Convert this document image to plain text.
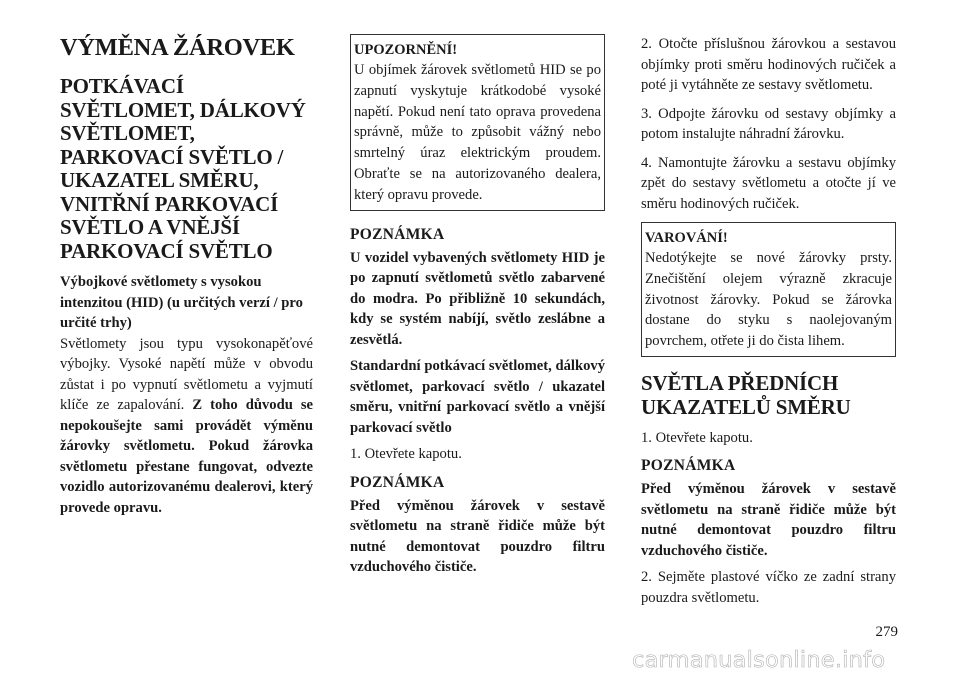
VÝMĚNA ŽÁROVEK
POTKÁVACÍ SVĚTLOMET, DÁLKOVÝ SVĚTLOMET, PARKOVACÍ SVĚTLO / UKAZATEL SMĚRU, VNITŘNÍ PARKOVACÍ SVĚTLO A VNĚJŠÍ PARKOVACÍ SVĚTLO
Výbojkové světlomety s vysokou intenzitou (HID) (u určitých verzí / pro určité trhy)

Světlomety jsou typu vysokonapěťové výbojky. Vysoké napětí může v obvodu zůstat i po vypnutí světlometu a vyjmutí klíče ze zapalování. Z toho důvodu se nepokoušejte sami provádět výměnu žárovky světlometu. Pokud žárovka světlometu přestane fungovat, odvezte vozidlo autorizovanému dealerovi, který provede opravu.

UPOZORNĚNÍ!
U objímek žárovek světlometů HID se po zapnutí vyskytuje krátkodobé vysoké napětí. Pokud není tato oprava provedena správně, může to způsobit vážný nebo smrtelný úraz elektrickým proudem. Obraťte se na autorizovaného dealera, který opravu provede.
POZNÁMKA
U vozidel vybavených světlomety HID je po zapnutí světlometů světlo zabarvené do modra. Po přibližně 10 sekundách, kdy se systém nabíjí, světlo zeslábne a zesvětlá.
Standardní potkávací světlomet, dálkový světlomet, parkovací světlo / ukazatel směru, vnitřní parkovací světlo a vnější parkovací světlo
1. Otevřete kapotu.
POZNÁMKA
Před výměnou žárovek v sestavě světlometu na straně řidiče může být nutné demontovat pouzdro filtru vzduchového čističe.
2. Otočte příslušnou žárovkou a sestavou objímky proti směru hodinových ručiček a poté ji vytáhněte ze sestavy světlometu.
3. Odpojte žárovku od sestavy objímky a potom instalujte náhradní žárovku.
4. Namontujte žárovku a sestavu objímky zpět do sestavy světlometu a otočte jí ve směru hodinových ručiček.
VAROVÁNÍ!
Nedotýkejte se nové žárovky prsty. Znečištění olejem výrazně zkracuje životnost žárovky. Pokud se žárovka dostane do styku s naolejovaným povrchem, otřete ji do čista lihem.
SVĚTLA PŘEDNÍCH UKAZATELŮ SMĚRU
1. Otevřete kapotu.
POZNÁMKA
Před výměnou žárovek v sestavě světlometu na straně řidiče může být nutné demontovat pouzdro filtru vzduchového čističe.
2. Sejměte plastové víčko ze zadní strany pouzdra světlometu.
279
carmanualsonline.info
